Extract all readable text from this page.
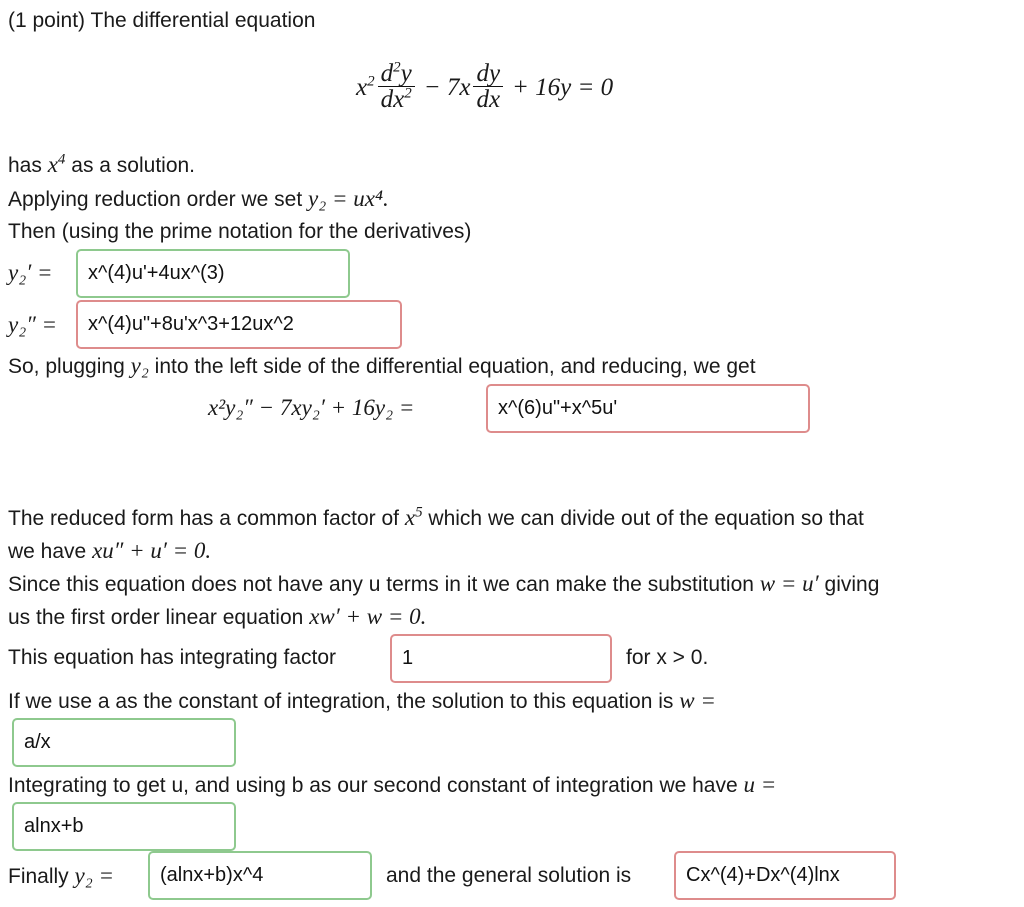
(1 point) The differential equation
$x^2 \frac{d^2y}{dx^2} - 7x \frac{dy}{dx} + 16y = 0$
has $x^4$ as a solution.
Applying reduction order we set y₂ = ux⁴.
Then (using the prime notation for the derivatives)
y₂′ =	x^(4)u'+4ux^(3)
y₂″ =	x^(4)u"+8u'x^3+12ux^2
So, plugging y₂ into the left side of the differential equation, and reducing, we get
x²y₂″ − 7xy₂′ + 16y₂ =	x^(6)u"+x^5u'
The reduced form has a common factor of $x^5$ which we can divide out of the equation so that
we have xu″ + u′ = 0.
Since this equation does not have any u terms in it we can make the substitution w = u′ giving
us the first order linear equation xw′ + w = 0.
This equation has integrating factor	1	for x > 0.
If we use a as the constant of integration, the solution to this equation is w =
a/x
Integrating to get u, and using b as our second constant of integration we have u =
alnx+b
Finally y₂ =	(alnx+b)x^4	and the general solution is	Cx^(4)+Dx^(4)lnx
